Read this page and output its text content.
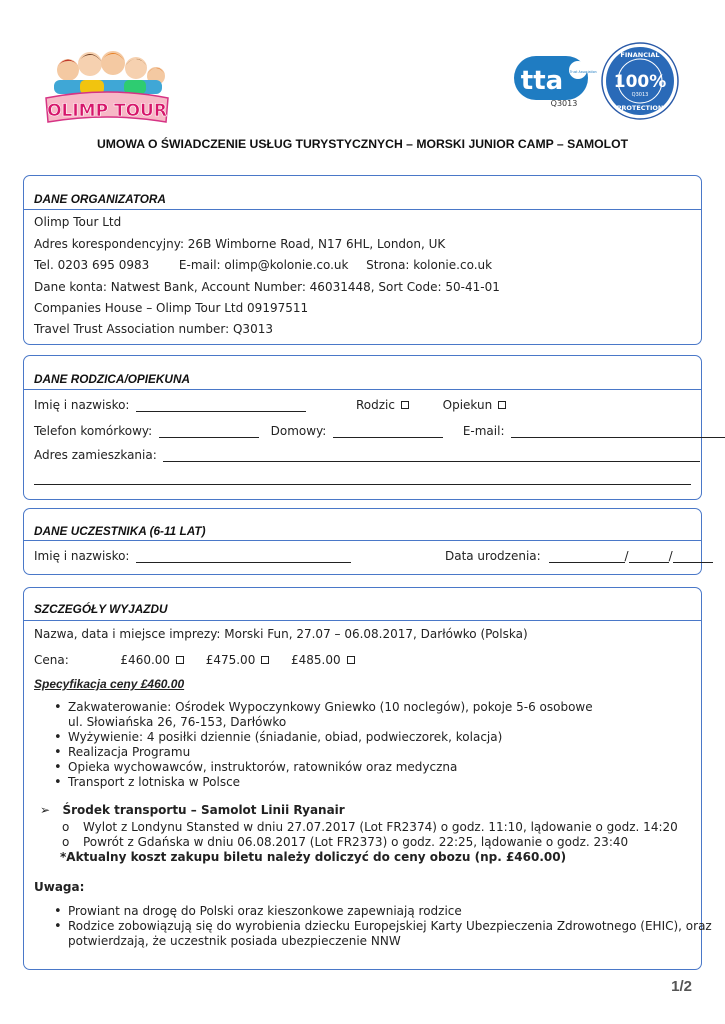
OLIMP TOUR
tta
Travel Trust Association
Q3013
FINANCIAL
100%
Q3013
PROTECTION
UMOWA O ŚWIADCZENIE USŁUG TURYSTYCZNYCH – MORSKI JUNIOR CAMP – SAMOLOT
DANE ORGANIZATORA
Olimp Tour Ltd
Adres korespondencyjny: 26B Wimborne Road, N17 6HL, London, UK
Tel. 0203 695 0983 E-mail: olimp@kolonie.co.uk Strona: kolonie.co.uk
Dane konta: Natwest Bank, Account Number: 46031448, Sort Code: 50-41-01
Companies House – Olimp Tour Ltd 09197511
Travel Trust Association number: Q3013
DANE RODZICA/OPIEKUNA
Imię i nazwisko:	Rodzic	Opiekun
Telefon komórkowy:	Domowy:	E-mail:
Adres zamieszkania:
DANE UCZESTNIKA (6-11 LAT)
Imię i nazwisko:	Data urodzenia:	/	/
SZCZEGÓŁY WYJAZDU
Nazwa, data i miejsce imprezy: Morski Fun, 27.07 – 06.08.2017, Darłówko (Polska)
Cena:	£460.00	£475.00	£485.00
Specyfikacja ceny £460.00
• Zakwaterowanie: Ośrodek Wypoczynkowy Gniewko (10 noclegów), pokoje 5-6 osobowe
ul. Słowiańska 26, 76-153, Darłówko
• Wyżywienie: 4 posiłki dziennie (śniadanie, obiad, podwieczorek, kolacja)
• Realizacja Programu
• Opieka wychowawców, instruktorów, ratowników oraz medyczna
• Transport z lotniska w Polsce
➢ Środek transportu – Samolot Linii Ryanair
o Wylot z Londynu Stansted w dniu 27.07.2017 (Lot FR2374) o godz. 11:10, lądowanie o godz. 14:20
o Powrót z Gdańska w dniu 06.08.2017 (Lot FR2373) o godz. 22:25, lądowanie o godz. 23:40
*Aktualny koszt zakupu biletu należy doliczyć do ceny obozu (np. £460.00)
Uwaga:
• Prowiant na drogę do Polski oraz kieszonkowe zapewniają rodzice
• Rodzice zobowiązują się do wyrobienia dziecku Europejskiej Karty Ubezpieczenia Zdrowotnego (EHIC), oraz
potwierdzają, że uczestnik posiada ubezpieczenie NNW
1/2
